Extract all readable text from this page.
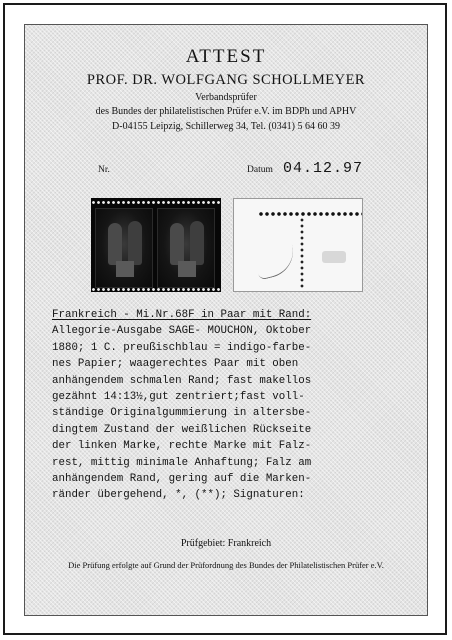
ATTEST
PROF. DR. WOLFGANG SCHOLLMEYER
Verbandsprüfer
des Bundes der philatelistischen Prüfer e.V. im BDPh und APHV
D-04155 Leipzig, Schillerweg 34, Tel. (0341) 5 64 60 39
Nr.	Datum 04.12.97
Frankreich - Mi.Nr.68F in Paar mit Rand:
Allegorie-Ausgabe SAGE- MOUCHON, Oktober
1880; 1 C. preußischblau = indigo-farbe-
nes Papier; waagerechtes Paar mit oben
anhängendem schmalen Rand; fast makellos
gezähnt 14:13½,gut zentriert;fast voll-
ständige Originalgummierung in altersbe-
dingtem Zustand der weißlichen Rückseite
der linken Marke, rechte Marke mit Falz-
rest, mittig minimale Anhaftung; Falz am
anhängendem Rand, gering auf die Marken-
ränder übergehend, *, (**); Signaturen:
Prüfgebiet: Frankreich
Die Prüfung erfolgte auf Grund der Prüfordnung des Bundes der Philatelistischen Prüfer e.V.
